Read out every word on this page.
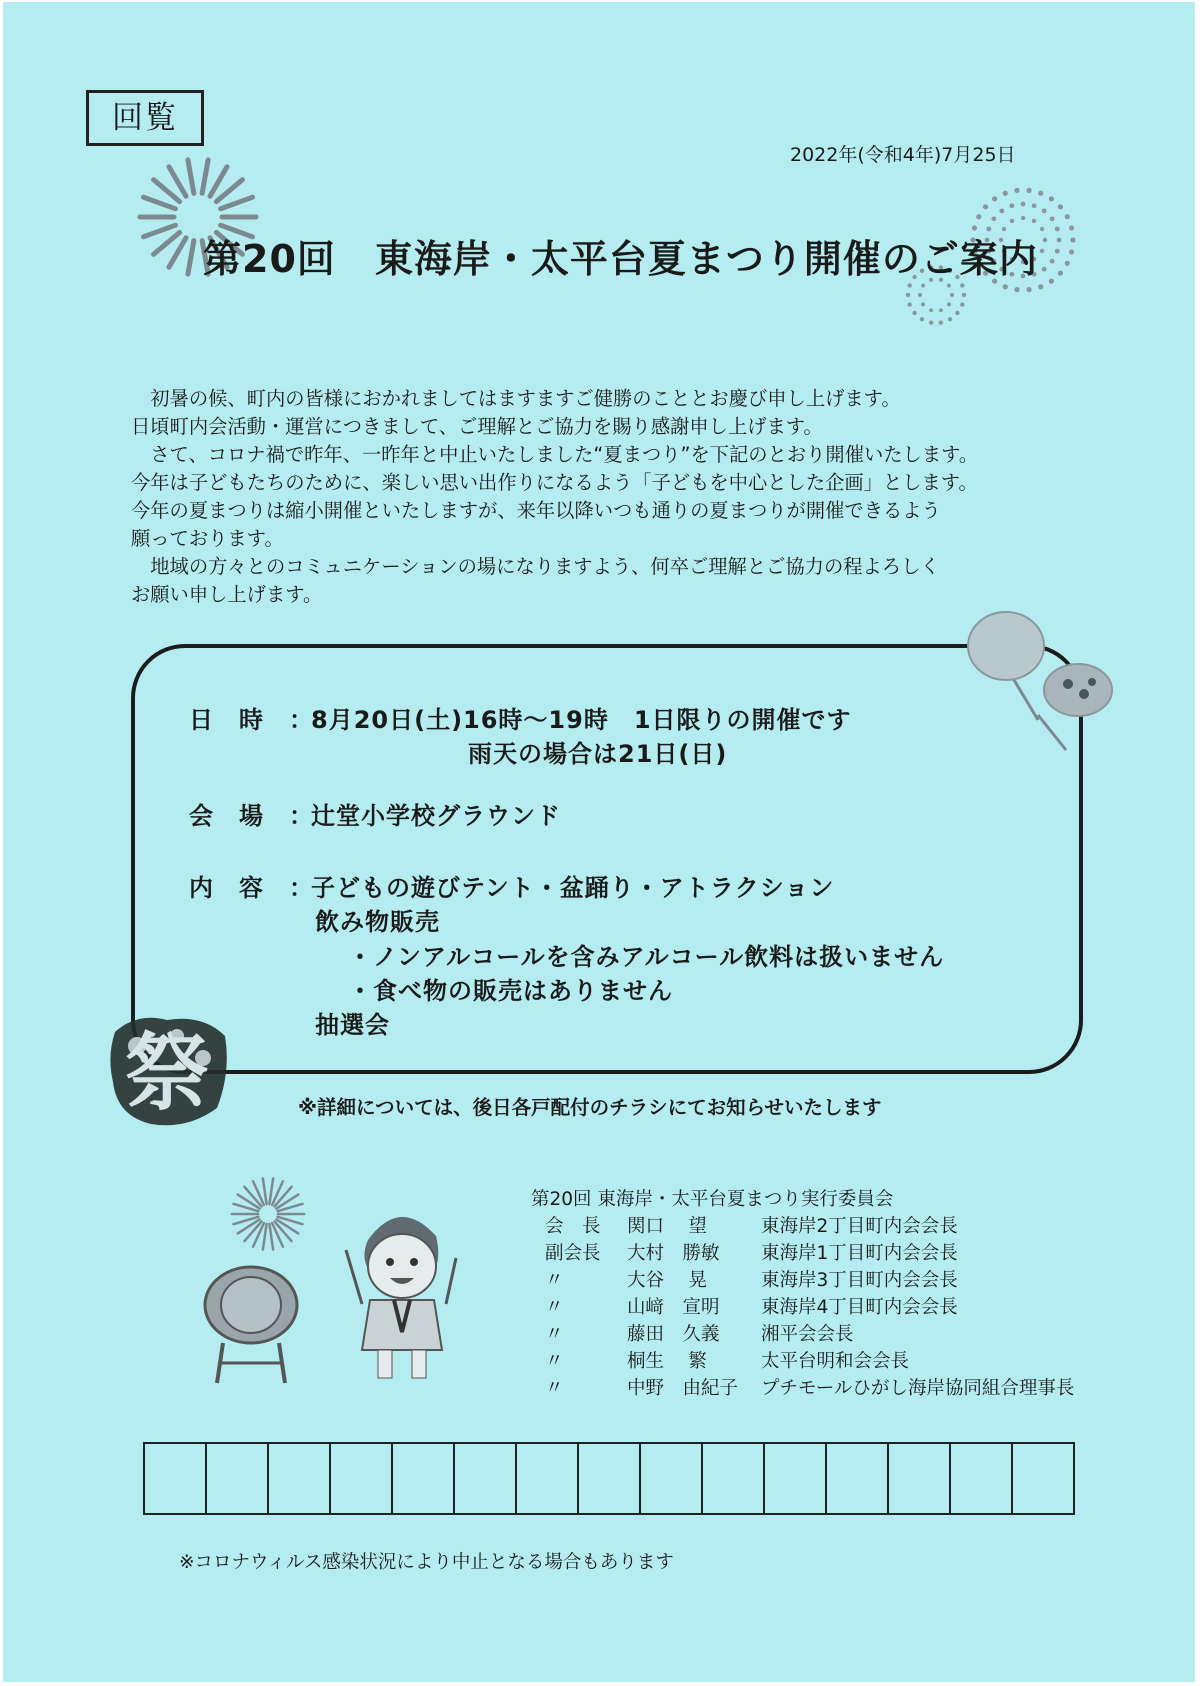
回覧
2022年(令和4年)7月25日
第20回　東海岸・太平台夏まつり開催のご案内

　初暑の候、町内の皆様におかれましてはますますご健勝のこととお慶び申し上げます。

日頃町内会活動・運営につきまして、ご理解とご協力を賜り感謝申し上げます。

　さて、コロナ禍で昨年、一昨年と中止いたしました“夏まつり”を下記のとおり開催いたします。

今年は子どもたちのために、楽しい思い出作りになるよう「子どもを中心とした企画」とします。

今年の夏まつりは縮小開催といたしますが、来年以降いつも通りの夏まつりが開催できるよう

願っております。

　地域の方々とのコミュニケーションの場になりますよう、何卒ご理解とご協力の程よろしく

お願い申し上げます。

日　時　：
8月20日(土)16時～19時　1日限りの開催です
雨天の場合は21日(日)
会　場　：
辻堂小学校グラウンド
内　容　：
子どもの遊びテント・盆踊り・アトラクション
飲み物販売
・ノンアルコールを含みアルコール飲料は扱いません
・食べ物の販売はありません
抽選会
祭	※詳細については、後日各戸配付のチラシにてお知らせいたします
第20回 東海岸・太平台夏まつり実行委員会
会　長 関口　 望	東海岸2丁目町内会会長
副会長 大村　勝敏 東海岸1丁目町内会会長
〃	大谷　 晃	東海岸3丁目町内会会長
〃	山﨑　宣明 東海岸4丁目町内会会長
〃	藤田　久義 湘平会会長
〃	桐生　 繁	太平台明和会会長
〃	中野　由紀子 プチモールひがし海岸協同組合理事長
※コロナウィルス感染状況により中止となる場合もあります
